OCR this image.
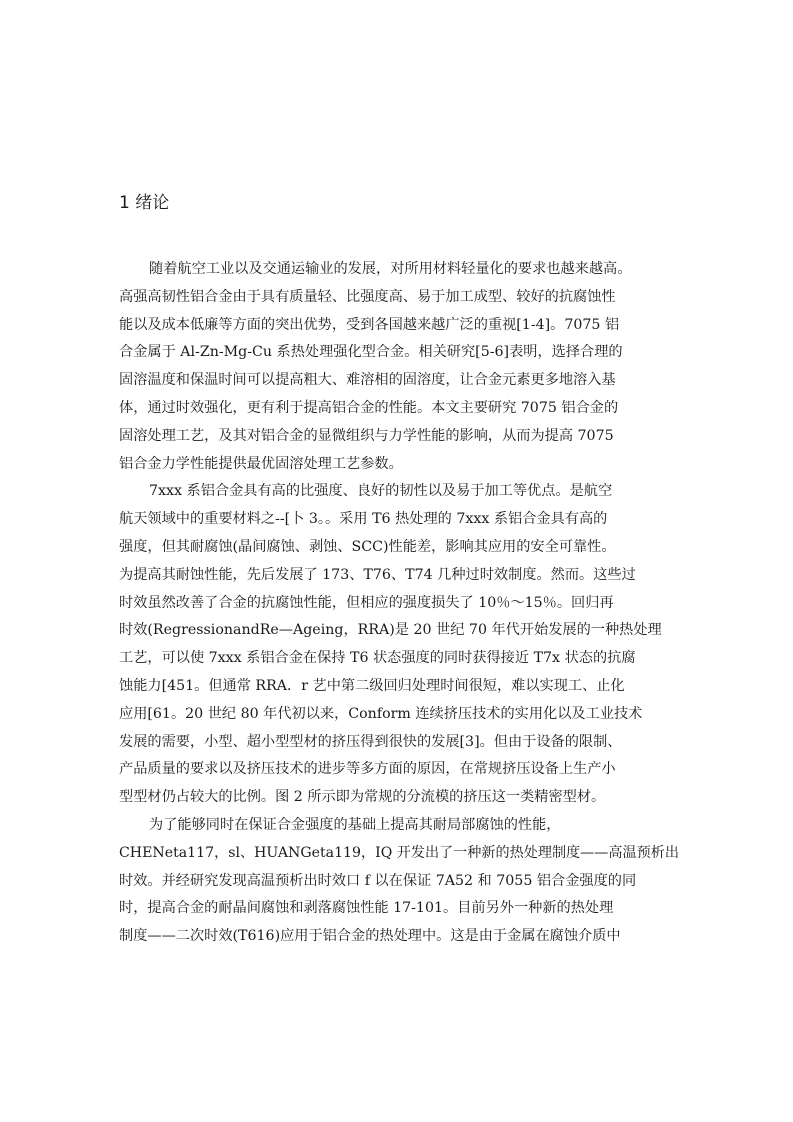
1 绪论
随着航空工业以及交通运输业的发展，对所用材料轻量化的要求也越来越高。
高强高韧性铝合金由于具有质量轻、比强度高、易于加工成型、较好的抗腐蚀性
能以及成本低廉等方面的突出优势，受到各国越来越广泛的重视[1-4]。7075 铝
合金属于 Al-Zn-Mg-Cu 系热处理强化型合金。相关研究[5-6]表明，选择合理的
固溶温度和保温时间可以提高粗大、难溶相的固溶度，让合金元素更多地溶入基
体，通过时效强化，更有利于提高铝合金的性能。本文主要研究 7075 铝合金的
固溶处理工艺，及其对铝合金的显微组织与力学性能的影响，从而为提高 7075
铝合金力学性能提供最优固溶处理工艺参数。
7xxx 系铝合金具有高的比强度、良好的韧性以及易于加工等优点。是航空
航天领域中的重要材料之--[卜 3。。采用 T6 热处理的 7xxx 系铝合金具有高的
强度，但其耐腐蚀(晶间腐蚀、剥蚀、SCC)性能差，影响其应用的安全可靠性。
为提高其耐蚀性能，先后发展了 173、T76、T74 几种过时效制度。然而。这些过
时效虽然改善了合金的抗腐蚀性能，但相应的强度损失了 10％～15％。回归再
时效(RegressionandRe—Ageing，RRA)是 20 世纪 70 年代开始发展的一种热处理
工艺，可以使 7xxx 系铝合金在保持 T6 状态强度的同时获得接近 T7x 状态的抗腐
蚀能力[451。但通常 RRA．r 艺中第二级回归处理时间很短，难以实现工、止化
应用[61。20 世纪 80 年代初以来，Conform 连续挤压技术的实用化以及工业技术
发展的需要，小型、超小型型材的挤压得到很快的发展[3]。但由于设备的限制、
产品质量的要求以及挤压技术的进步等多方面的原因，在常规挤压设备上生产小
型型材仍占较大的比例。图 2 所示即为常规的分流模的挤压这一类精密型材。
为了能够同时在保证合金强度的基础上提高其耐局部腐蚀的性能，
CHENeta117，sl、HUANGeta119，IQ 开发出了一种新的热处理制度——高温预析出
时效。并经研究发现高温预析出时效口 f 以在保证 7A52 和 7055 铝合金强度的同
时，提高合金的耐晶间腐蚀和剥落腐蚀性能 17-101。目前另外一种新的热处理
制度——二次时效(T616)应用于铝合金的热处理中。这是由于金属在腐蚀介质中
